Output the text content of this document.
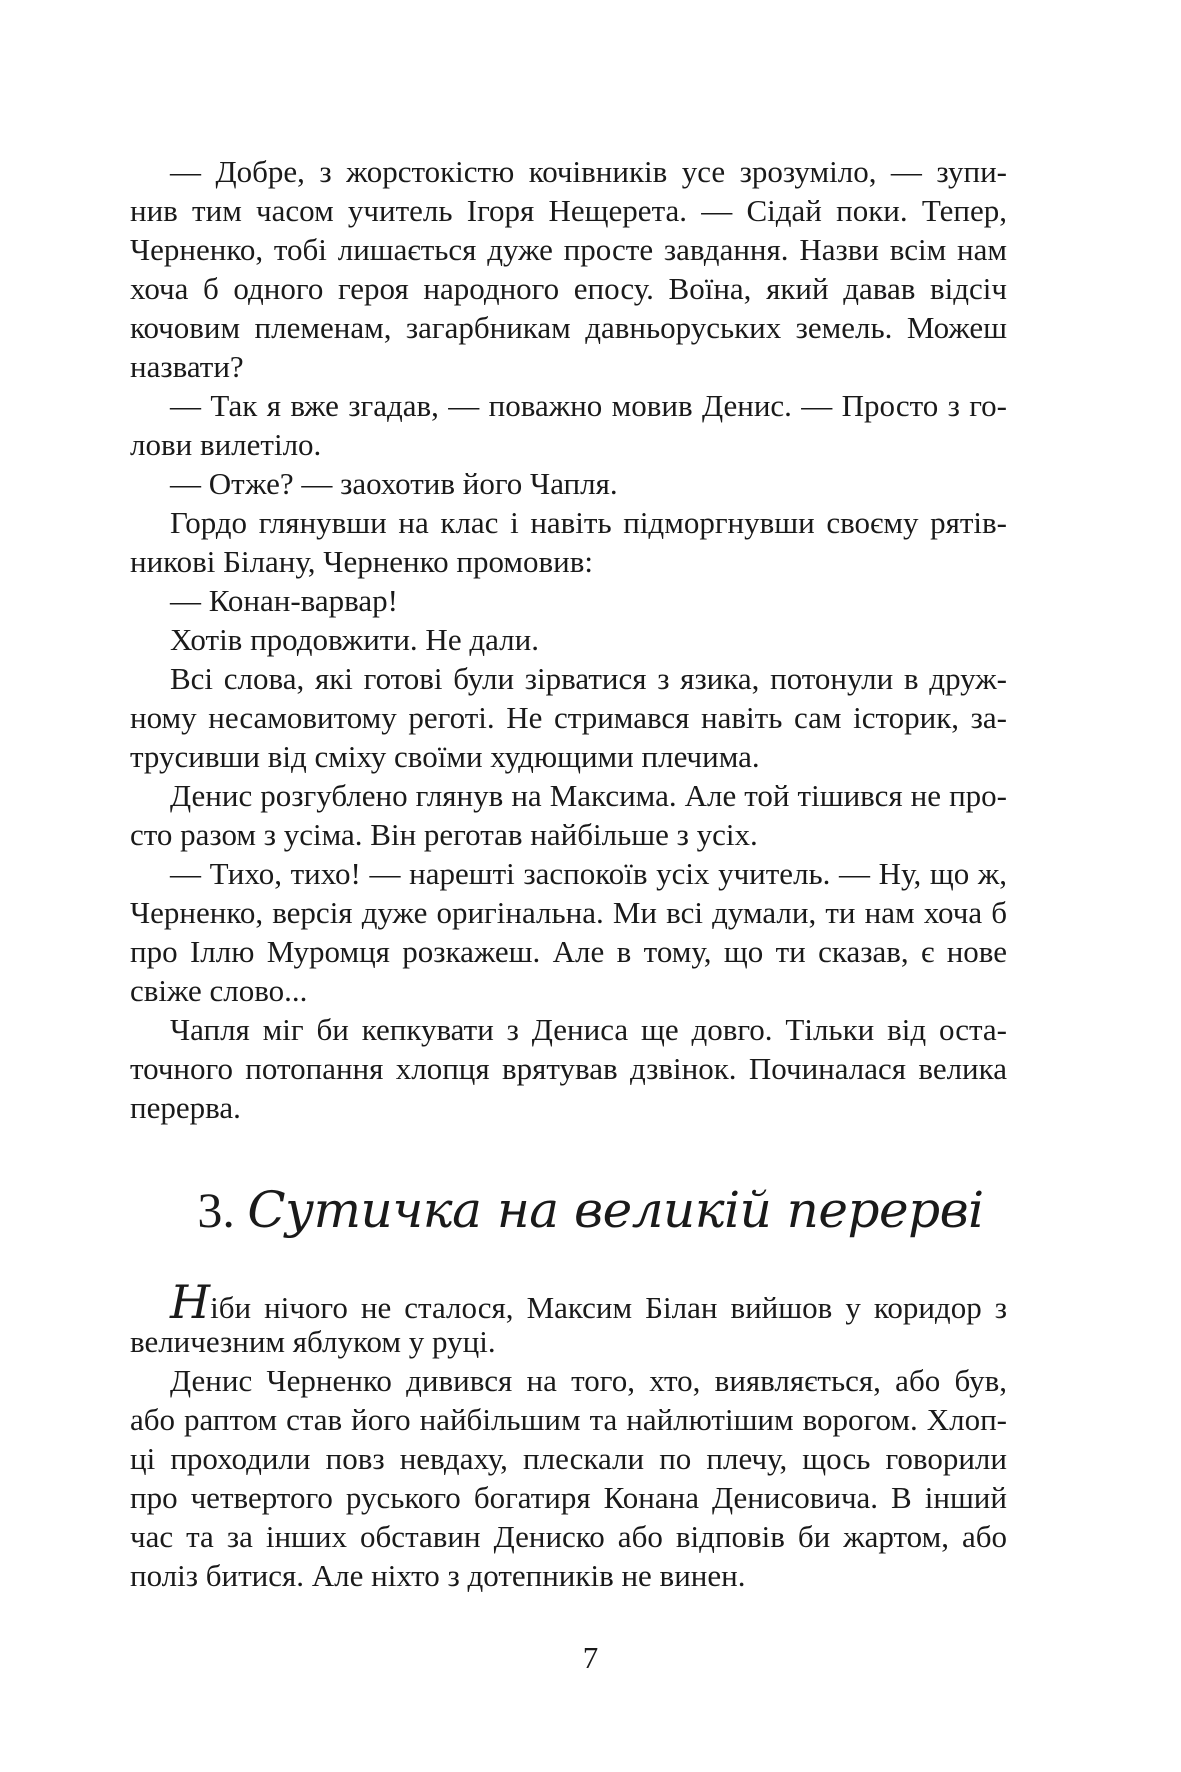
— Добре, з жорстокістю кочівників усе зрозуміло, — зупи-
нив тим часом учитель Ігоря Нещерета. — Сідай поки. Тепер,
Черненко, тобі лишається дуже просте завдання. Назви всім нам
хоча б одного героя народного епосу. Воїна, який давав відсіч
кочовим племенам, загарбникам давньоруських земель. Можеш
назвати?
— Так я вже згадав, — поважно мовив Денис. — Просто з го-
лови вилетіло.
— Отже? — заохотив його Чапля.
Гордо глянувши на клас і навіть підморгнувши своєму рятів-
никові Білану, Черненко промовив:
— Конан-варвар!
Хотів продовжити. Не дали.
Всі слова, які готові були зірватися з язика, потонули в друж-
ному несамовитому реготі. Не стримався навіть сам історик, за-
трусивши від сміху своїми худющими плечима.
Денис розгублено глянув на Максима. Але той тішився не про-
сто разом з усіма. Він реготав найбільше з усіх.
— Тихо, тихо! — нарешті заспокоїв усіх учитель. — Ну, що ж,
Черненко, версія дуже оригінальна. Ми всі думали, ти нам хоча б
про Іллю Муромця розкажеш. Але в тому, що ти сказав, є нове
свіже слово...
Чапля міг би кепкувати з Дениса ще довго. Тільки від оста-
точного потопання хлопця врятував дзвінок. Починалася велика
перерва.
3. Сутичка на великій перерві
Ніби нічого не сталося, Максим Білан вийшов у коридор з
величезним яблуком у руці.
Денис Черненко дивився на того, хто, виявляється, або був,
або раптом став його найбільшим та найлютішим ворогом. Хлоп-
ці проходили повз невдаху, плескали по плечу, щось говорили
про четвертого руського богатиря Конана Денисовича. В інший
час та за інших обставин Дениско або відповів би жартом, або
поліз битися. Але ніхто з дотепників не винен.
7
